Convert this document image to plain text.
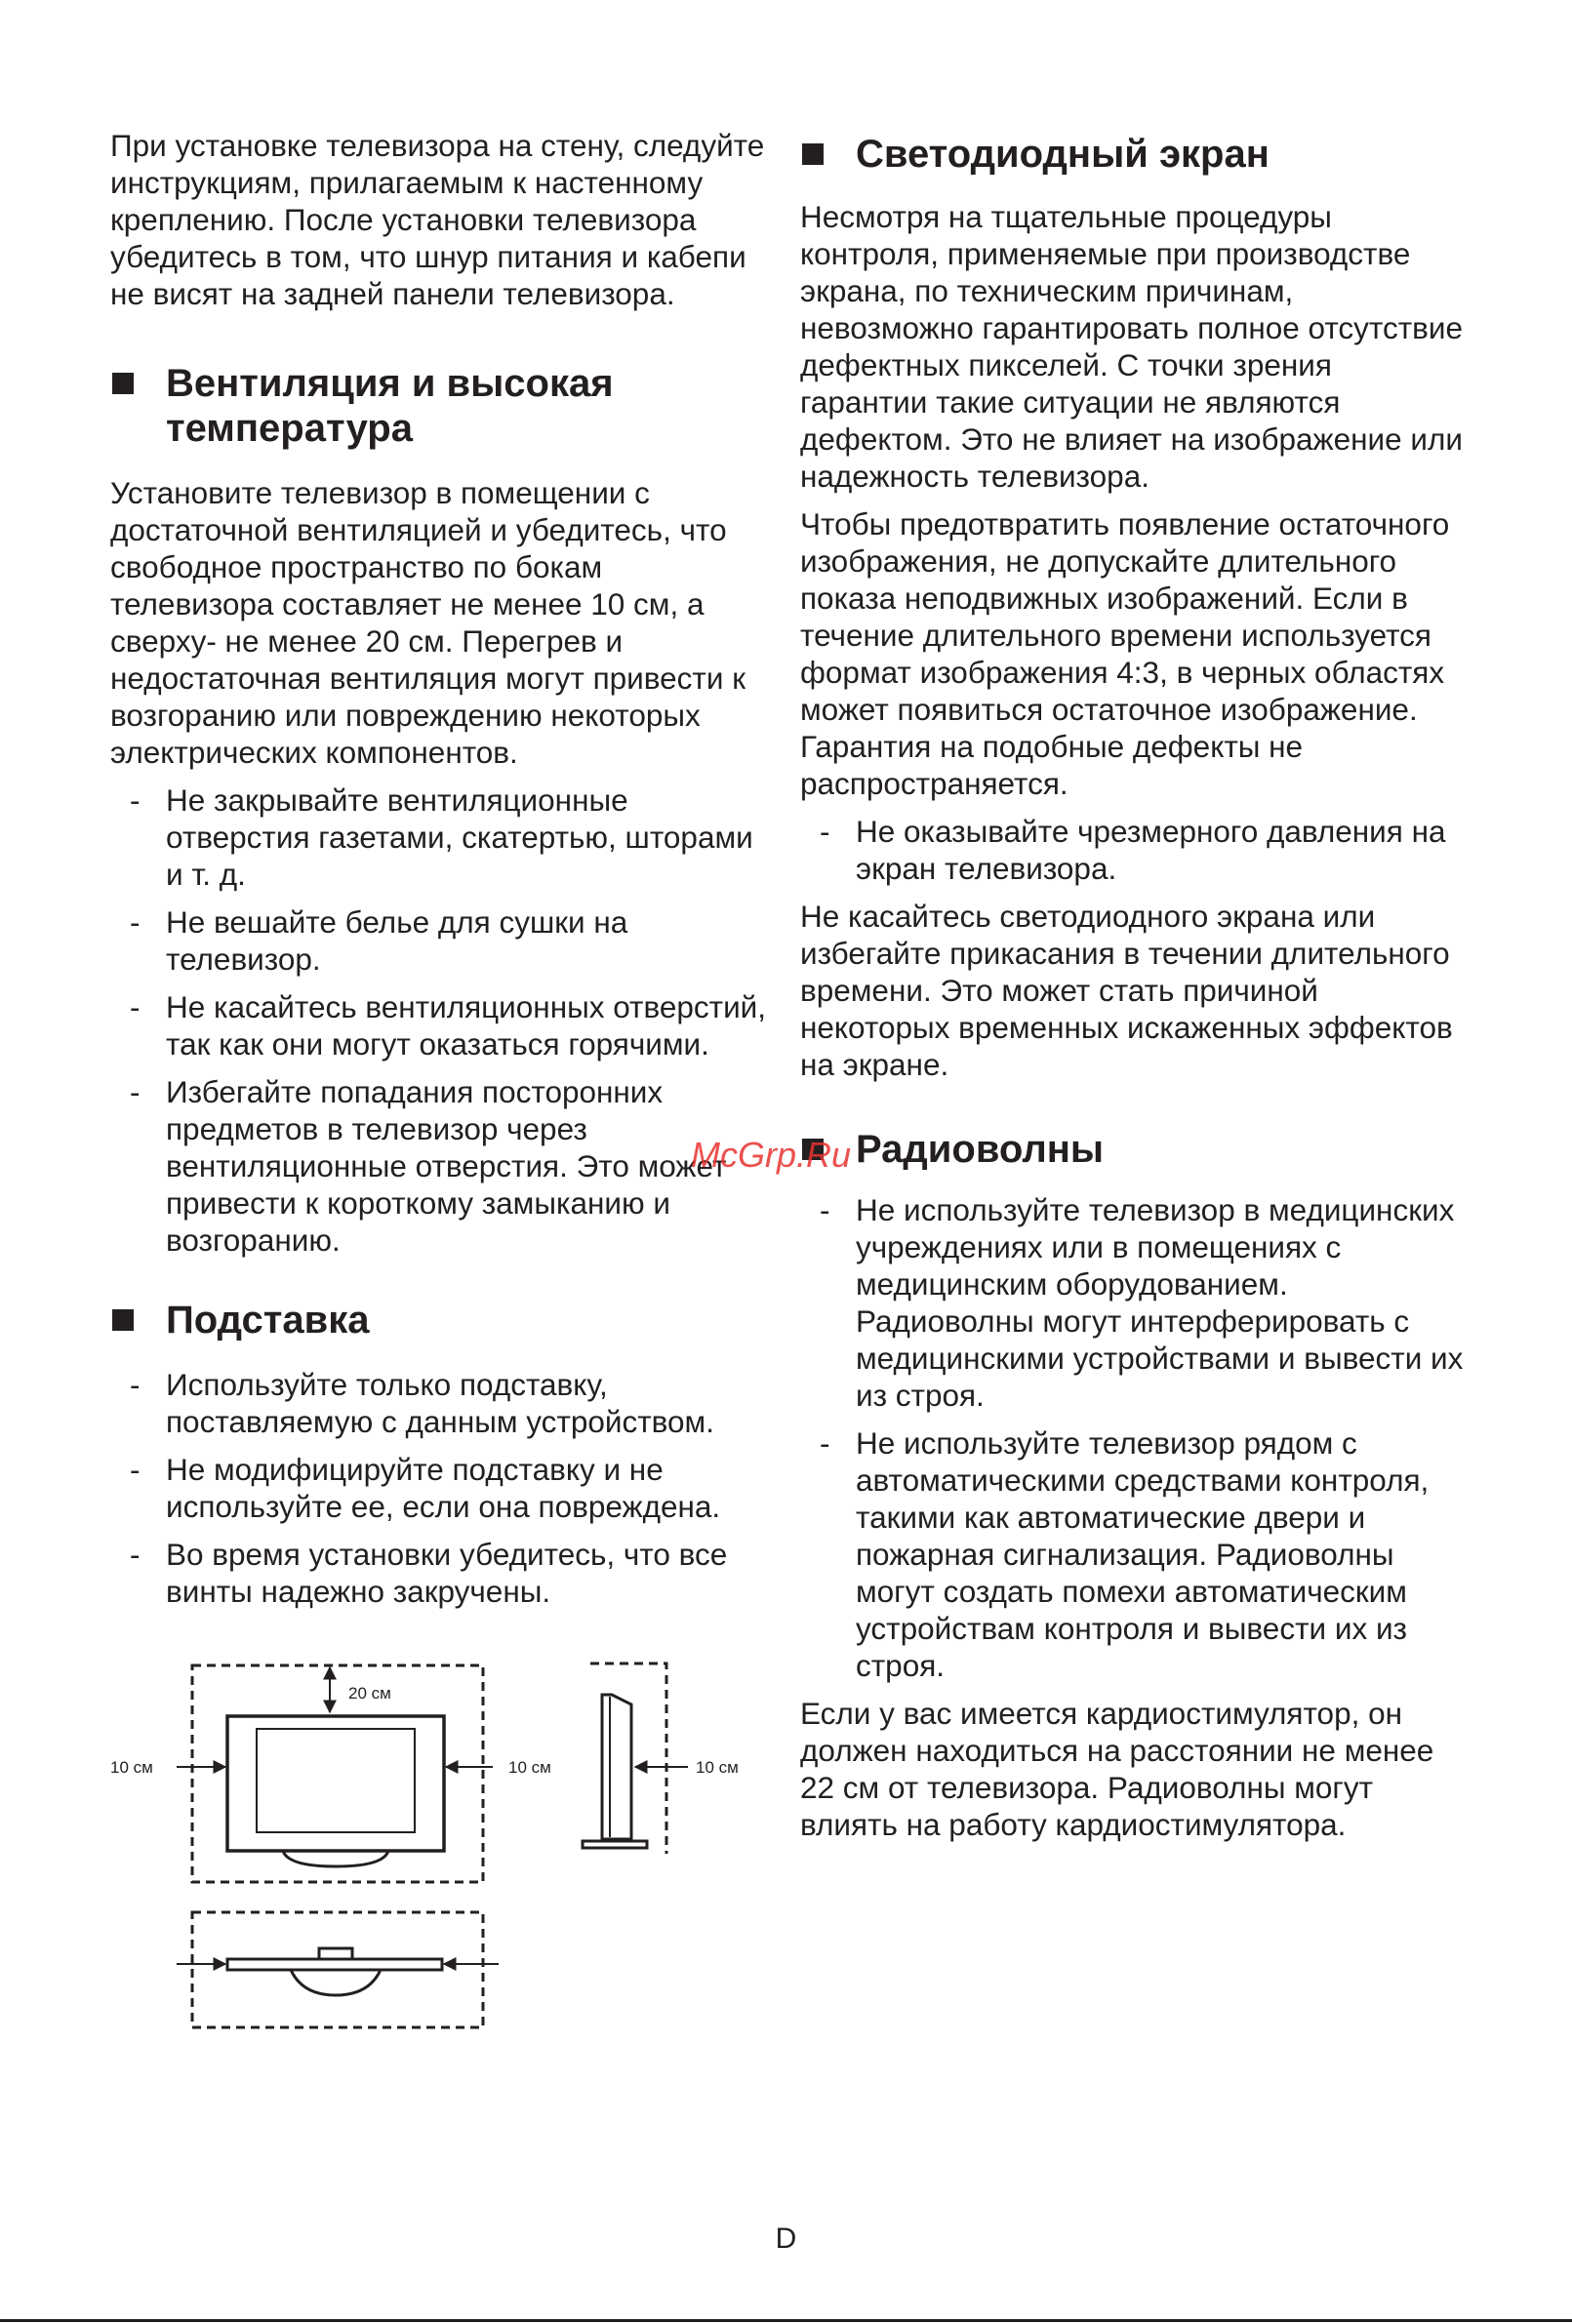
При установке телевизора на стену, следуйте инструкциям, прилагаемым к настенному креплению. После установки телевизора убедитесь в том, что шнур питания и кабепи не висят на задней панели телевизора.

Вентиляция и высокая
температура

Установите телевизор в помещении с достаточной вентиляцией и убедитесь, что свободное пространство по бокам телевизора составляет не менее 10 см, а сверху- не менее 20 см. Перегрев и недостаточная вентиляция могут привести к возгоранию или повреждению некоторых электрических компонентов.

- Не закрывайте вентиляционные отверстия газетами, скатертью, шторами и т. д.
- Не вешайте белье для сушки на телевизор.
- Не касайтесь вентиляционных отверстий, так как они могут оказаться горячими.
- Избегайте попадания посторонних предметов в телевизор через вентиляционные отверстия. Это может привести к короткому замыканию и возгоранию.
Подставка
- Используйте только подставку, поставляемую с данным устройством.
- Не модифицируйте подставку и не используйте ее, если она повреждена.
- Во время установки убедитесь, что все винты надежно закручены.
20 см
10 см	10 см	10 см
Светодиодный экран

Несмотря на тщательные процедуры контроля, применяемые при производстве экрана, по техническим причинам, невозможно гарантировать полное отсутствие дефектных пикселей. С точки зрения гарантии такие ситуации не являются дефектом. Это не влияет на изображение или надежность телевизора.

Чтобы предотвратить появление остаточного изображения, не допускайте длительного показа неподвижных изображений. Если в течение длительного времени используется формат изображения 4:3, в черных областях может появиться остаточное изображение. Гарантия на подобные дефекты не распространяется.

- Не оказывайте чрезмерного давления на экран телевизора.

Не касайтесь светодиодного экрана или избегайте прикасания в течении длительного времени. Это может стать причиной некоторых временных искаженных эффектов на экране.

Радиоволны
- Не используйте телевизор в медицинских учреждениях или в помещениях с медицинским оборудованием. Радиоволны могут интерферировать с медицинскими устройствами и вывести их из строя.
- Не используйте телевизор рядом с автоматическими средствами контроля, такими как автоматические двери и пожарная сигнализация. Радиоволны могут создать помехи автоматическим устройствам контроля и вывести их из строя.

Если у вас имеется кардиостимулятор, он должен находиться на расстоянии не менее 22 см от телевизора. Радиоволны могут влиять на работу кардиостимулятора.

McGrp.Ru
D
